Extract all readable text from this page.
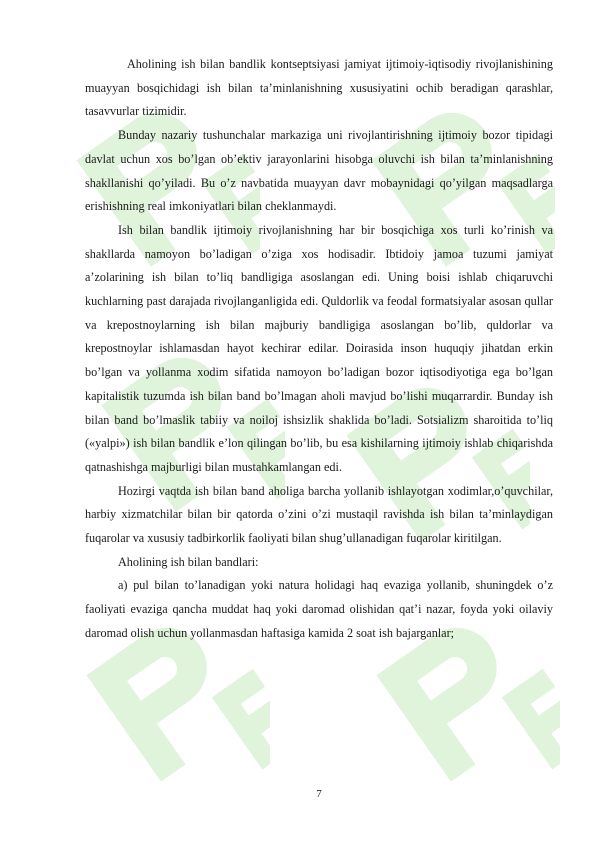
Aholining ish bilan bandlik kontseptsiyasi jamiyat ijtimoiy-iqtisodiy rivojlanishining muayyan bosqichidagi ish bilan ta’minlanishning xususiyatini ochib beradigan qarashlar, tasavvurlar tizimidir.

Bunday nazariy tushunchalar markaziga uni rivojlantirishning ijtimoiy bozor tipidagi davlat uchun xos bo’lgan ob’ektiv jarayonlarini hisobga oluvchi ish bilan ta’minlanishning shakllanishi qo’yiladi. Bu o’z navbatida muayyan davr mobaynidagi qo’yilgan maqsadlarga erishishning real imkoniyatlari bilan cheklanmaydi.

Ish bilan bandlik ijtimoiy rivojlanishning har bir bosqichiga xos turli ko’rinish va shakllarda namoyon bo’ladigan o’ziga xos hodisadir. Ibtidoiy jamoa tuzumi jamiyat a’zolarining ish bilan to’liq bandligiga asoslangan edi. Uning boisi ishlab chiqaruvchi kuchlarning past darajada rivojlanganligida edi. Quldorlik va feodal formatsiyalar asosan qullar va krepostnoylarning ish bilan majburiy bandligiga asoslangan bo’lib, quldorlar va krepostnoylar ishlamasdan hayot kechirar edilar. Doirasida inson huquqiy jihatdan erkin bo’lgan va yollanma xodim sifatida namoyon bo’ladigan bozor iqtisodiyotiga ega bo’lgan kapitalistik tuzumda ish bilan band bo’lmagan aholi mavjud bo’lishi muqarrardir. Bunday ish bilan band bo’lmaslik tabiiy va noiloj ishsizlik shaklida bo’ladi. Sotsializm sharoitida to’liq («yalpi») ish bilan bandlik e’lon qilingan bo’lib, bu esa kishilarning ijtimoiy ishlab chiqarishda qatnashishga majburligi bilan mustahkamlangan edi.

Hozirgi vaqtda ish bilan band aholiga barcha yollanib ishlayotgan xodimlar,o’quvchilar, harbiy xizmatchilar bilan bir qatorda o’zini o’zi mustaqil ravishda ish bilan ta’minlaydigan fuqarolar va xususiy tadbirkorlik faoliyati bilan shug’ullanadigan fuqarolar kiritilgan.

Aholining ish bilan bandlari:

a) pul bilan to’lanadigan yoki natura holidagi haq evaziga yollanib, shuningdek o’z faoliyati evaziga qancha muddat haq yoki daromad olishidan qat’i nazar, foyda yoki oilaviy daromad olish uchun yollanmasdan haftasiga kamida 2 soat ish bajarganlar;

7
